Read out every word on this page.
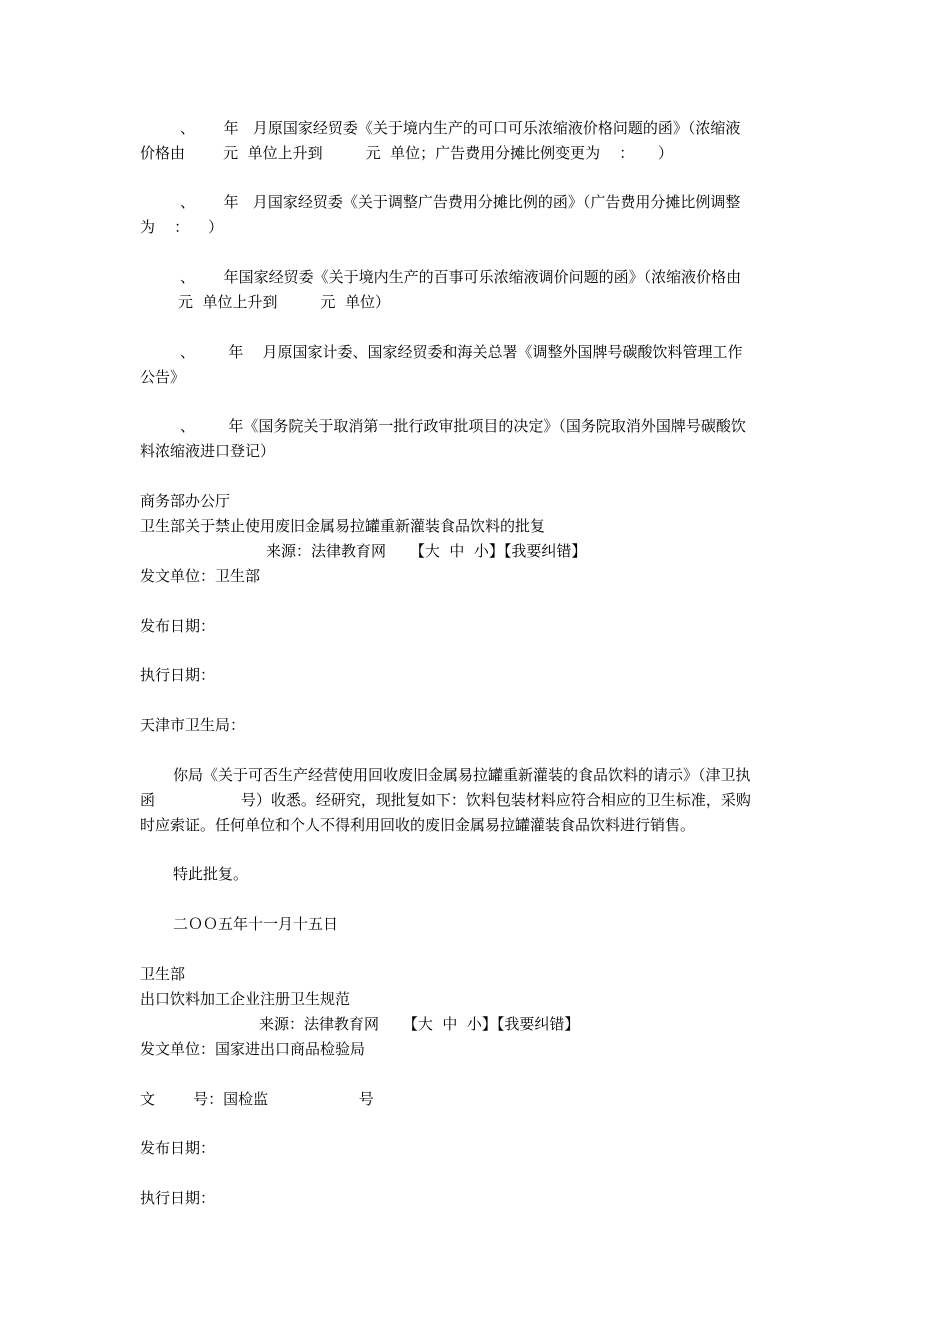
、      年   月原国家经贸委《关于境内生产的可口可乐浓缩液价格问题的函》（浓缩液
价格由        元  单位上升到         元  单位；广告费用分摊比例变更为    ：     ）
、      年   月国家经贸委《关于调整广告费用分摊比例的函》（广告费用分摊比例调整
为    ：    ）
、      年国家经贸委《关于境内生产的百事可乐浓缩液调价问题的函》（浓缩液价格由
元  单位上升到         元  单位）
、       年    月原国家计委、国家经贸委和海关总署《调整外国牌号碳酸饮料管理工作
公告》
、       年《国务院关于取消第一批行政审批项目的决定》（国务院取消外国牌号碳酸饮
料浓缩液进口登记）
商务部办公厅
卫生部关于禁止使用废旧金属易拉罐重新灌装食品饮料的批复
来源：法律教育网     【大  中  小】【我要纠错】
发文单位：卫生部
发布日期：
执行日期：
天津市卫生局：
你局《关于可否生产经营使用回收废旧金属易拉罐重新灌装的食品饮料的请示》（津卫执
函                  号）收悉。经研究，现批复如下：饮料包装材料应符合相应的卫生标准，采购
时应索证。任何单位和个人不得利用回收的废旧金属易拉罐灌装食品饮料进行销售。
特此批复。
二ＯＯ五年十一月十五日
卫生部
出口饮料加工企业注册卫生规范
来源：法律教育网     【大  中  小】【我要纠错】
发文单位：国家进出口商品检验局
文        号：国检监                   号
发布日期：
执行日期：
